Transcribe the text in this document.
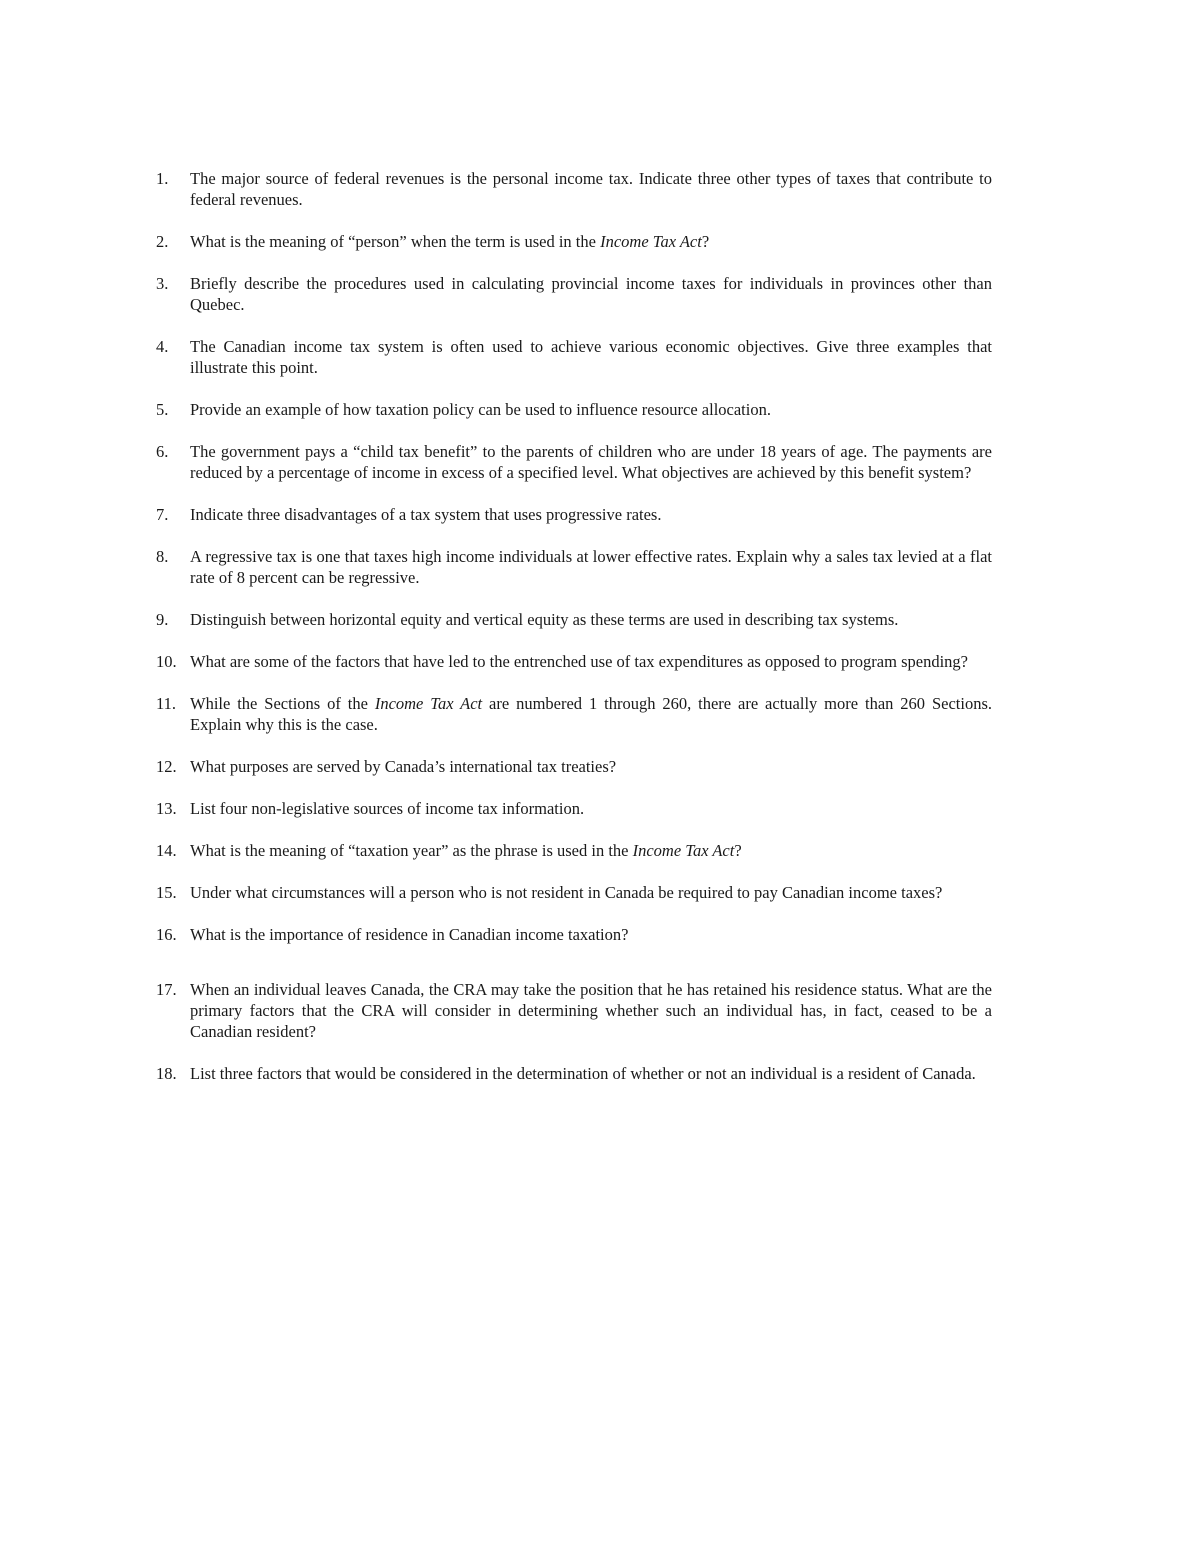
1.	The major source of federal revenues is the personal income tax. Indicate three other types of taxes that contribute to federal revenues.
2.	What is the meaning of “person” when the term is used in the Income Tax Act?
3.	Briefly describe the procedures used in calculating provincial income taxes for individuals in provinces other than Quebec.
4.	The Canadian income tax system is often used to achieve various economic objectives. Give three examples that illustrate this point.
5.	Provide an example of how taxation policy can be used to influence resource allocation.
6.	The government pays a “child tax benefit” to the parents of children who are under 18 years of age. The payments are reduced by a percentage of income in excess of a specified level. What objectives are achieved by this benefit system?
7.	Indicate three disadvantages of a tax system that uses progressive rates.
8.	A regressive tax is one that taxes high income individuals at lower effective rates. Explain why a sales tax levied at a flat rate of 8 percent can be regressive.
9.	Distinguish between horizontal equity and vertical equity as these terms are used in describing tax systems.
10. What are some of the factors that have led to the entrenched use of tax expenditures as opposed to program spending?
11. While the Sections of the Income Tax Act are numbered 1 through 260, there are actually more than 260 Sections. Explain why this is the case.
12. What purposes are served by Canada’s international tax treaties?
13. List four non-legislative sources of income tax information.
14. What is the meaning of “taxation year” as the phrase is used in the Income Tax Act?
15. Under what circumstances will a person who is not resident in Canada be required to pay Canadian income taxes?
16. What is the importance of residence in Canadian income taxation?
17. When an individual leaves Canada, the CRA may take the position that he has retained his residence status. What are the primary factors that the CRA will consider in determining whether such an individual has, in fact, ceased to be a Canadian resident?
18. List three factors that would be considered in the determination of whether or not an individual is a resident of Canada.
